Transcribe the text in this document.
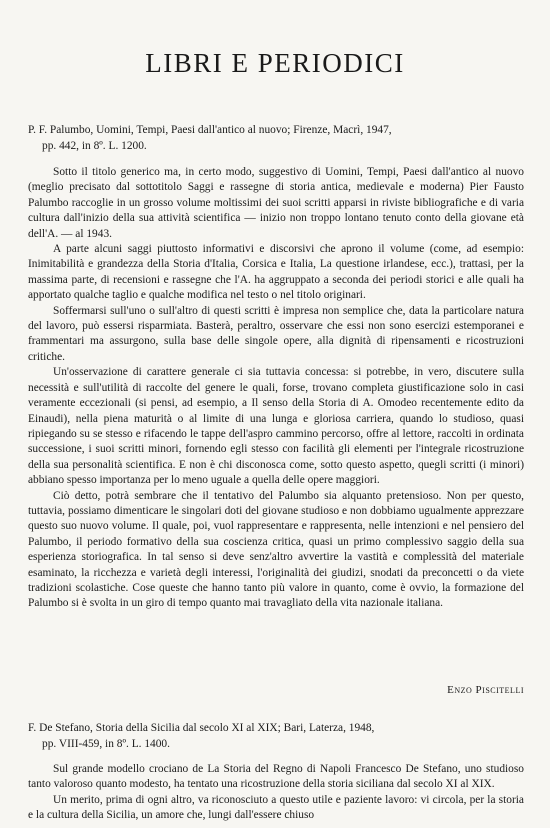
LIBRI E PERIODICI
P. F. Palumbo, Uomini, Tempi, Paesi dall'antico al nuovo; Firenze, Macrì, 1947,
pp. 442, in 8º. L. 1200.

Sotto il titolo generico ma, in certo modo, suggestivo di Uomini, Tempi, Paesi dall'antico al nuovo (meglio precisato dal sottotitolo Saggi e rassegne di storia antica, medievale e moderna) Pier Fausto Palumbo raccoglie in un grosso volume moltissimi dei suoi scritti apparsi in riviste bibliografiche e di varia cultura dall'inizio della sua attività scientifica — inizio non troppo lontano tenuto conto della giovane età dell'A. — al 1943.

A parte alcuni saggi piuttosto informativi e discorsivi che aprono il volume (come, ad esempio: Inimitabilità e grandezza della Storia d'Italia, Corsica e Italia, La questione irlandese, ecc.), trattasi, per la massima parte, di recensioni e rassegne che l'A. ha aggruppato a seconda dei periodi storici e alle quali ha apportato qualche taglio e qualche modifica nel testo o nel titolo originari.

Soffermarsi sull'uno o sull'altro di questi scritti è impresa non semplice che, data la particolare natura del lavoro, può essersi risparmiata. Basterà, peraltro, osservare che essi non sono esercizi estemporanei e frammentari ma assurgono, sulla base delle singole opere, alla dignità di ripensamenti e ricostruzioni critiche.

Un'osservazione di carattere generale ci sia tuttavia concessa: si potrebbe, in vero, discutere sulla necessità e sull'utilità di raccolte del genere le quali, forse, trovano completa giustificazione solo in casi veramente eccezionali (si pensi, ad esempio, a Il senso della Storia di A. Omodeo recentemente edito da Einaudi), nella piena maturità o al limite di una lunga e gloriosa carriera, quando lo studioso, quasi ripiegando su se stesso e rifacendo le tappe dell'aspro cammino percorso, offre al lettore, raccolti in ordinata successione, i suoi scritti minori, fornendo egli stesso con facilità gli elementi per l'integrale ricostruzione della sua personalità scientifica. E non è chi disconosca come, sotto questo aspetto, quegli scritti (i minori) abbiano spesso importanza per lo meno uguale a quella delle opere maggiori.

Ciò detto, potrà sembrare che il tentativo del Palumbo sia alquanto pretensioso. Non per questo, tuttavia, possiamo dimenticare le singolari doti del giovane studioso e non dobbiamo ugualmente apprezzare questo suo nuovo volume. Il quale, poi, vuol rappresentare e rappresenta, nelle intenzioni e nel pensiero del Palumbo, il periodo formativo della sua coscienza critica, quasi un primo complessivo saggio della sua esperienza storiografica. In tal senso si deve senz'altro avvertire la vastità e complessità del materiale esaminato, la ricchezza e varietà degli interessi, l'originalità dei giudizi, snodati da preconcetti o da viete tradizioni scolastiche. Cose queste che hanno tanto più valore in quanto, come è ovvio, la formazione del Palumbo si è svolta in un giro di tempo quanto mai travagliato della vita nazionale italiana.

Enzo Piscitelli
F. De Stefano, Storia della Sicilia dal secolo XI al XIX; Bari, Laterza, 1948,
pp. VIII-459, in 8º. L. 1400.

Sul grande modello crociano de La Storia del Regno di Napoli Francesco De Stefano, uno studioso tanto valoroso quanto modesto, ha tentato una ricostruzione della storia siciliana dal secolo XI al XIX.

Un merito, prima di ogni altro, va riconosciuto a questo utile e paziente lavoro: vi circola, per la storia e la cultura della Sicilia, un amore che, lungi dall'essere chiuso
